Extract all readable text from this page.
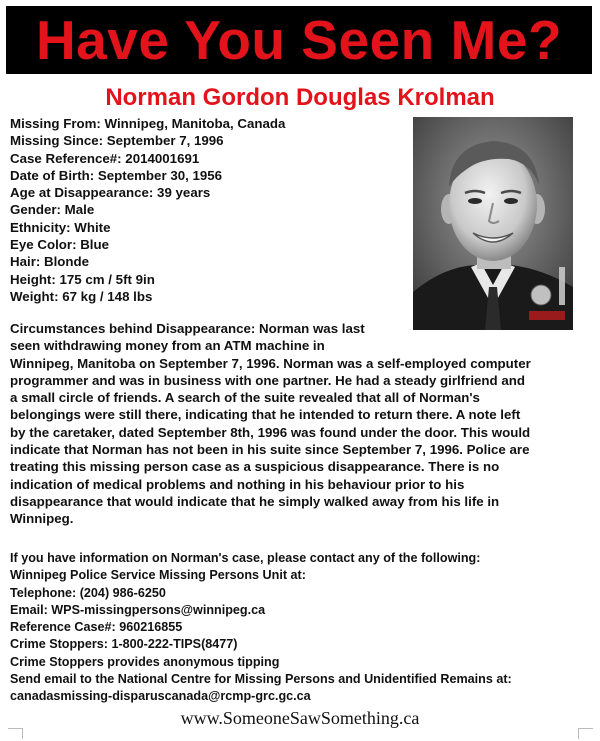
Have You Seen Me?
Norman Gordon Douglas Krolman
Missing From: Winnipeg, Manitoba, Canada
Missing Since: September 7, 1996
Case Reference#: 2014001691
Date of Birth: September 30, 1956
Age at Disappearance: 39 years
Gender: Male
Ethnicity: White
Eye Color: Blue
Hair: Blonde
Height: 175 cm / 5ft 9in
Weight: 67 kg / 148 lbs
Circumstances behind Disappearance: Norman was last
seen withdrawing money from an ATM machine in
Winnipeg, Manitoba on September 7, 1996. Norman was a self-employed computer
programmer and was in business with one partner. He had a steady girlfriend and
a small circle of friends. A search of the suite revealed that all of Norman's
belongings were still there, indicating that he intended to return there. A note left
by the caretaker, dated September 8th, 1996 was found under the door. This would
indicate that Norman has not been in his suite since September 7, 1996. Police are
treating this missing person case as a suspicious disappearance. There is no
indication of medical problems and nothing in his behaviour prior to his
disappearance that would indicate that he simply walked away from his life in
Winnipeg.
If you have information on Norman's case, please contact any of the following:
Winnipeg Police Service Missing Persons Unit at:
Telephone: (204) 986-6250
Email: WPS-missingpersons@winnipeg.ca
Reference Case#: 960216855
Crime Stoppers: 1-800-222-TIPS(8477)
Crime Stoppers provides anonymous tipping
Send email to the National Centre for Missing Persons and Unidentified Remains at:
canadasmissing-disparuscanada@rcmp-grc.gc.ca
www.SomeoneSawSomething.ca
